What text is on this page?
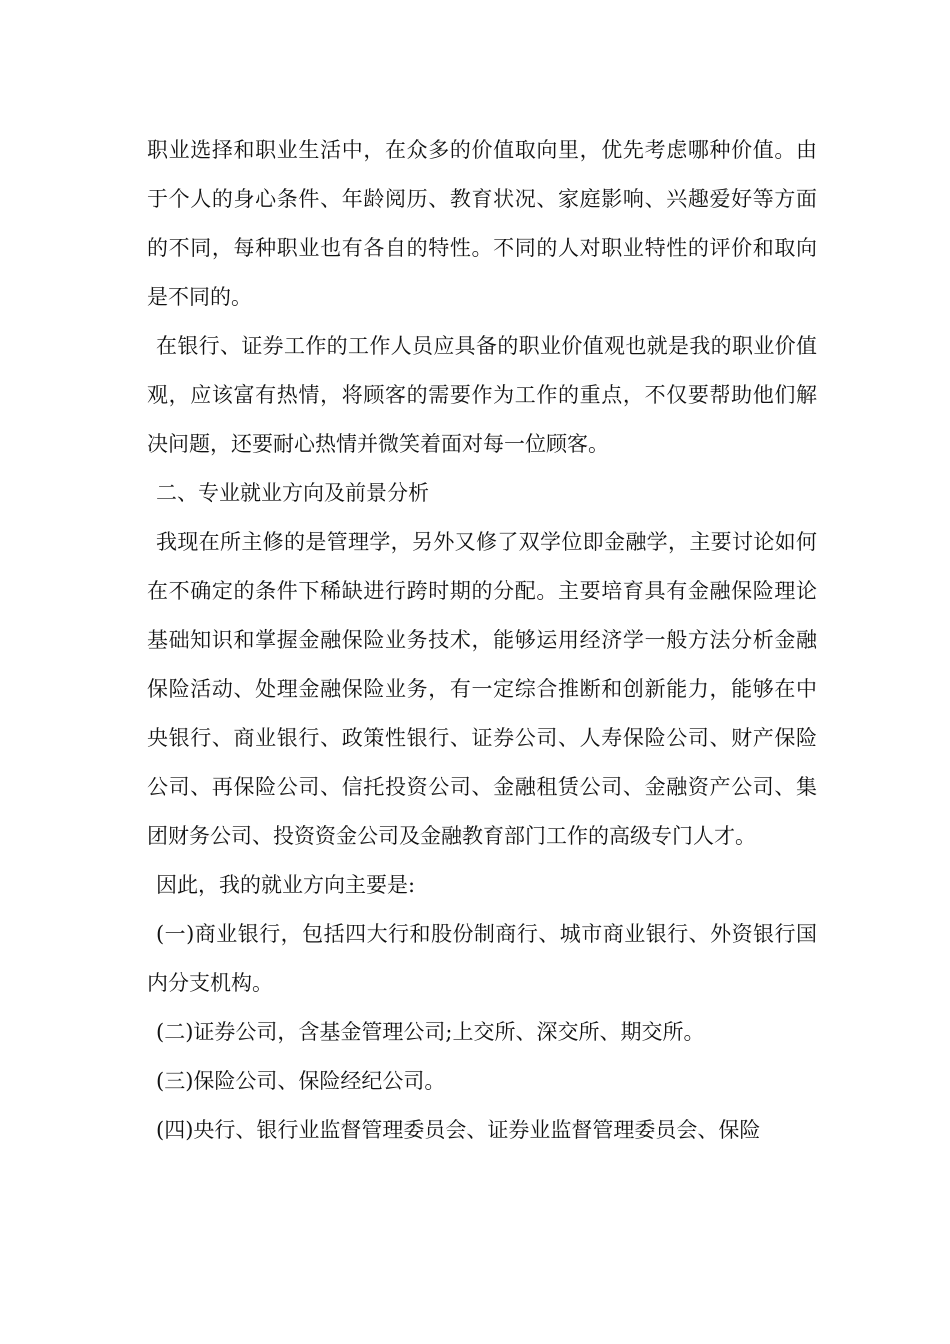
职业选择和职业生活中，在众多的价值取向里，优先考虑哪种价值。由于个人的身心条件、年龄阅历、教育状况、家庭影响、兴趣爱好等方面的不同，每种职业也有各自的特性。不同的人对职业特性的评价和取向是不同的。

在银行、证券工作的工作人员应具备的职业价值观也就是我的职业价值观，应该富有热情，将顾客的需要作为工作的重点，不仅要帮助他们解决问题，还要耐心热情并微笑着面对每一位顾客。

二、专业就业方向及前景分析

我现在所主修的是管理学，另外又修了双学位即金融学，主要讨论如何在不确定的条件下稀缺进行跨时期的分配。主要培育具有金融保险理论基础知识和掌握金融保险业务技术，能够运用经济学一般方法分析金融保险活动、处理金融保险业务，有一定综合推断和创新能力，能够在中央银行、商业银行、政策性银行、证券公司、人寿保险公司、财产保险公司、再保险公司、信托投资公司、金融租赁公司、金融资产公司、集团财务公司、投资资金公司及金融教育部门工作的高级专门人才。

因此，我的就业方向主要是:

(一)商业银行，包括四大行和股份制商行、城市商业银行、外资银行国内分支机构。

(二)证券公司，含基金管理公司;上交所、深交所、期交所。

(三)保险公司、保险经纪公司。

(四)央行、银行业监督管理委员会、证券业监督管理委员会、保险
